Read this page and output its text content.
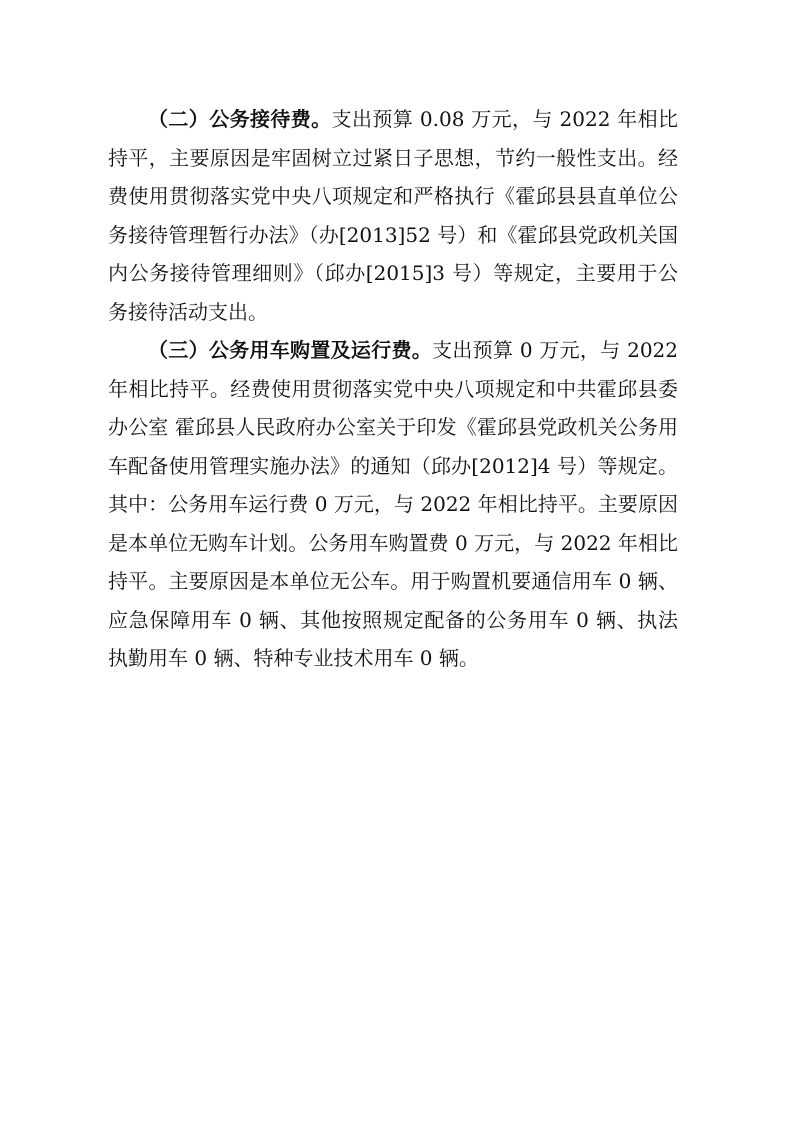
（二）公务接待费。支出预算 0.08 万元，与 2022 年相比持平，主要原因是牢固树立过紧日子思想，节约一般性支出。经费使用贯彻落实党中央八项规定和严格执行《霍邱县县直单位公务接待管理暂行办法》（办[2013]52 号）和《霍邱县党政机关国内公务接待管理细则》（邱办[2015]3 号）等规定，主要用于公务接待活动支出。

（三）公务用车购置及运行费。支出预算 0 万元，与 2022 年相比持平。经费使用贯彻落实党中央八项规定和中共霍邱县委办公室 霍邱县人民政府办公室关于印发《霍邱县党政机关公务用车配备使用管理实施办法》的通知（邱办[2012]4 号）等规定。其中：公务用车运行费 0 万元，与 2022 年相比持平。主要原因是本单位无购车计划。公务用车购置费 0 万元，与 2022 年相比持平。主要原因是本单位无公车。用于购置机要通信用车 0 辆、应急保障用车 0 辆、其他按照规定配备的公务用车 0 辆、执法执勤用车 0 辆、特种专业技术用车 0 辆。
